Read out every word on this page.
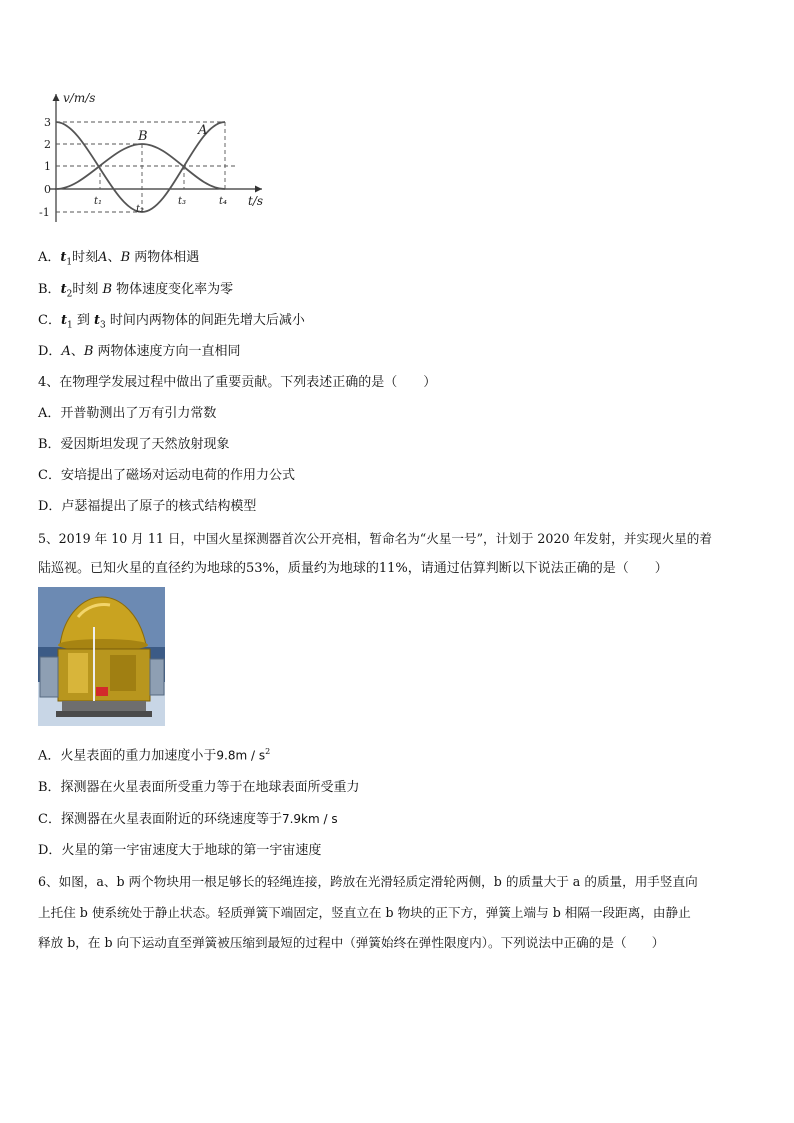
v/m/s
t/s
3
2
1
0
-1
t₁
t₂
t₃	t₄
A
B
A．$t_1$时刻A、B 两物体相遇
B．$t_2$时刻 B 物体速度变化率为零
C．$t_1$ 到 $t_3$ 时间内两物体的间距先增大后减小
D．A、B 两物体速度方向一直相同
4、在物理学发展过程中做出了重要贡献。下列表述正确的是（　　）
A．开普勒测出了万有引力常数
B．爱因斯坦发现了天然放射现象
C．安培提出了磁场对运动电荷的作用力公式
D．卢瑟福提出了原子的核式结构模型
5、2019 年 10 月 11 日，中国火星探测器首次公开亮相，暂命名为“火星一号”，计划于 2020 年发射，并实现火星的着
陆巡视。已知火星的直径约为地球的53%，质量约为地球的11%，请通过估算判断以下说法正确的是（　　）
A．火星表面的重力加速度小于$9.8m / s^2$
B．探测器在火星表面所受重力等于在地球表面所受重力
C．探测器在火星表面附近的环绕速度等于7.9km / s
D．火星的第一宇宙速度大于地球的第一宇宙速度
6、如图，a、b 两个物块用一根足够长的轻绳连接，跨放在光滑轻质定滑轮两侧，b 的质量大于 a 的质量，用手竖直向
上托住 b 使系统处于静止状态。轻质弹簧下端固定，竖直立在 b 物块的正下方，弹簧上端与 b 相隔一段距离，由静止
释放 b，在 b 向下运动直至弹簧被压缩到最短的过程中（弹簧始终在弹性限度内）。下列说法中正确的是（　　）
